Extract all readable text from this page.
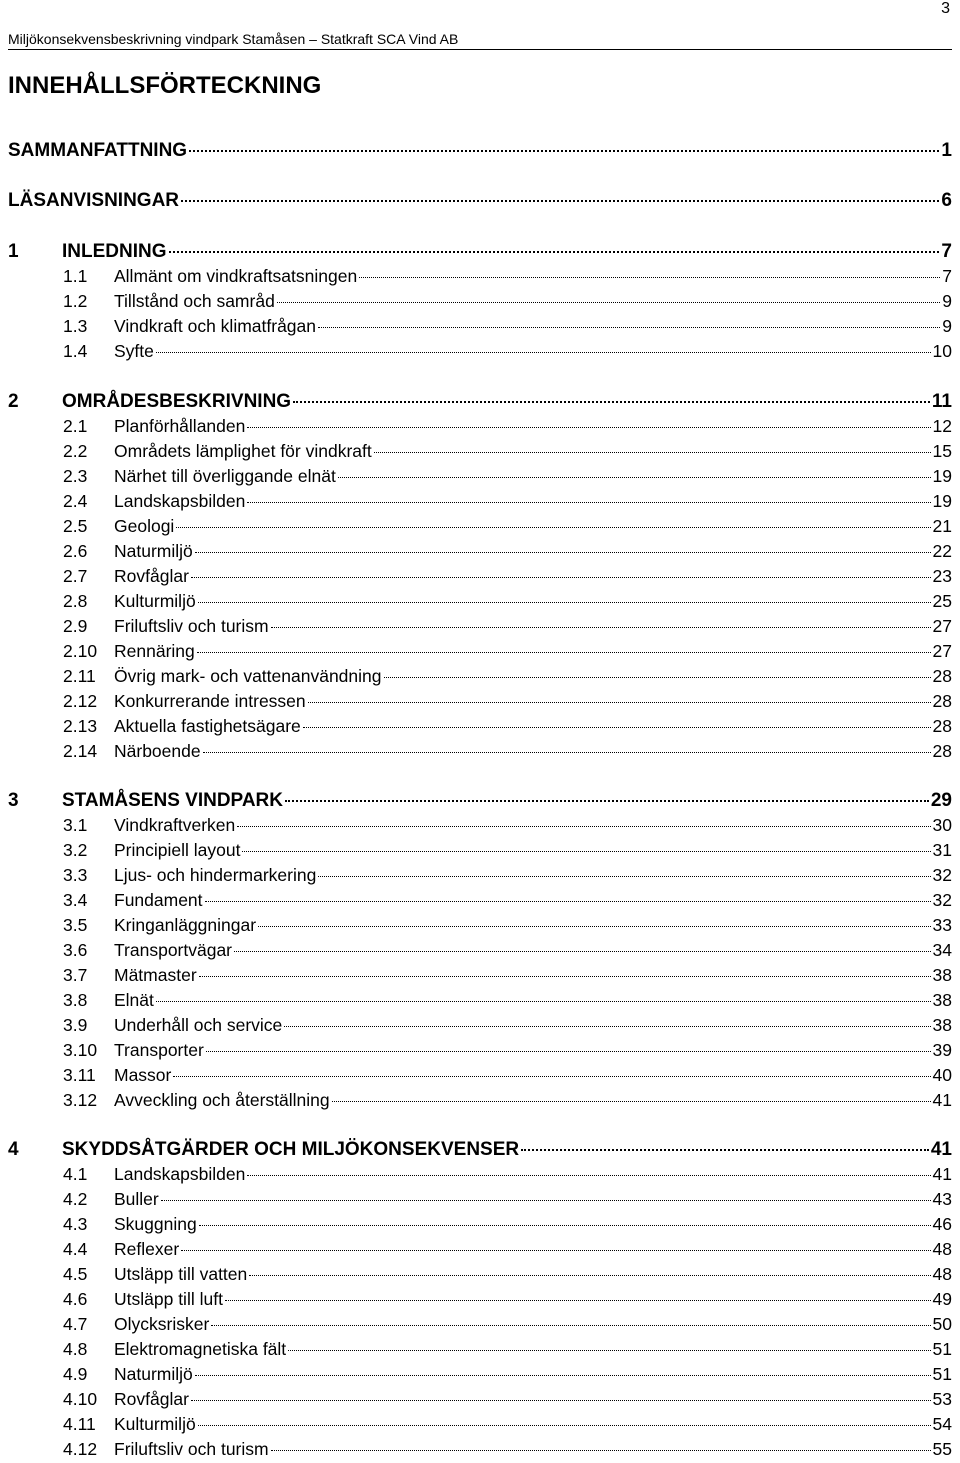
3
Miljökonsekvensbeskrivning vindpark Stamåsen – Statkraft SCA Vind AB
INNEHÅLLSFÖRTECKNING
SAMMANFATTNING	1
LÄSANVISNINGAR	6
1	INLEDNING	7
1.1	Allmänt om vindkraftsatsningen	7
1.2	Tillstånd och samråd	9
1.3	Vindkraft och klimatfrågan	9
1.4	Syfte	10
2	OMRÅDESBESKRIVNING	11
2.1	Planförhållanden	12
2.2	Områdets lämplighet för vindkraft	15
2.3	Närhet till överliggande elnät	19
2.4	Landskapsbilden	19
2.5	Geologi	21
2.6	Naturmiljö	22
2.7	Rovfåglar	23
2.8	Kulturmiljö	25
2.9	Friluftsliv och turism	27
2.10 Rennäring	27
2.11	Övrig mark- och vattenanvändning	28
2.12 Konkurrerande intressen	28
2.13 Aktuella fastighetsägare	28
2.14 Närboende	28
3	STAMÅSENS VINDPARK	29
3.1	Vindkraftverken	30
3.2	Principiell layout	31
3.3	Ljus- och hindermarkering	32
3.4	Fundament	32
3.5	Kringanläggningar	33
3.6	Transportvägar	34
3.7	Mätmaster	38
3.8	Elnät	38
3.9	Underhåll och service	38
3.10 Transporter	39
3.11	Massor	40
3.12 Avveckling och återställning	41
4	SKYDDSÅTGÄRDER OCH MILJÖKONSEKVENSER	41
4.1	Landskapsbilden	41
4.2	Buller	43
4.3	Skuggning	46
4.4	Reflexer	48
4.5	Utsläpp till vatten	48
4.6	Utsläpp till luft	49
4.7	Olycksrisker	50
4.8	Elektromagnetiska fält	51
4.9	Naturmiljö	51
4.10 Rovfåglar	53
4.11	Kulturmiljö	54
4.12 Friluftsliv och turism	55
